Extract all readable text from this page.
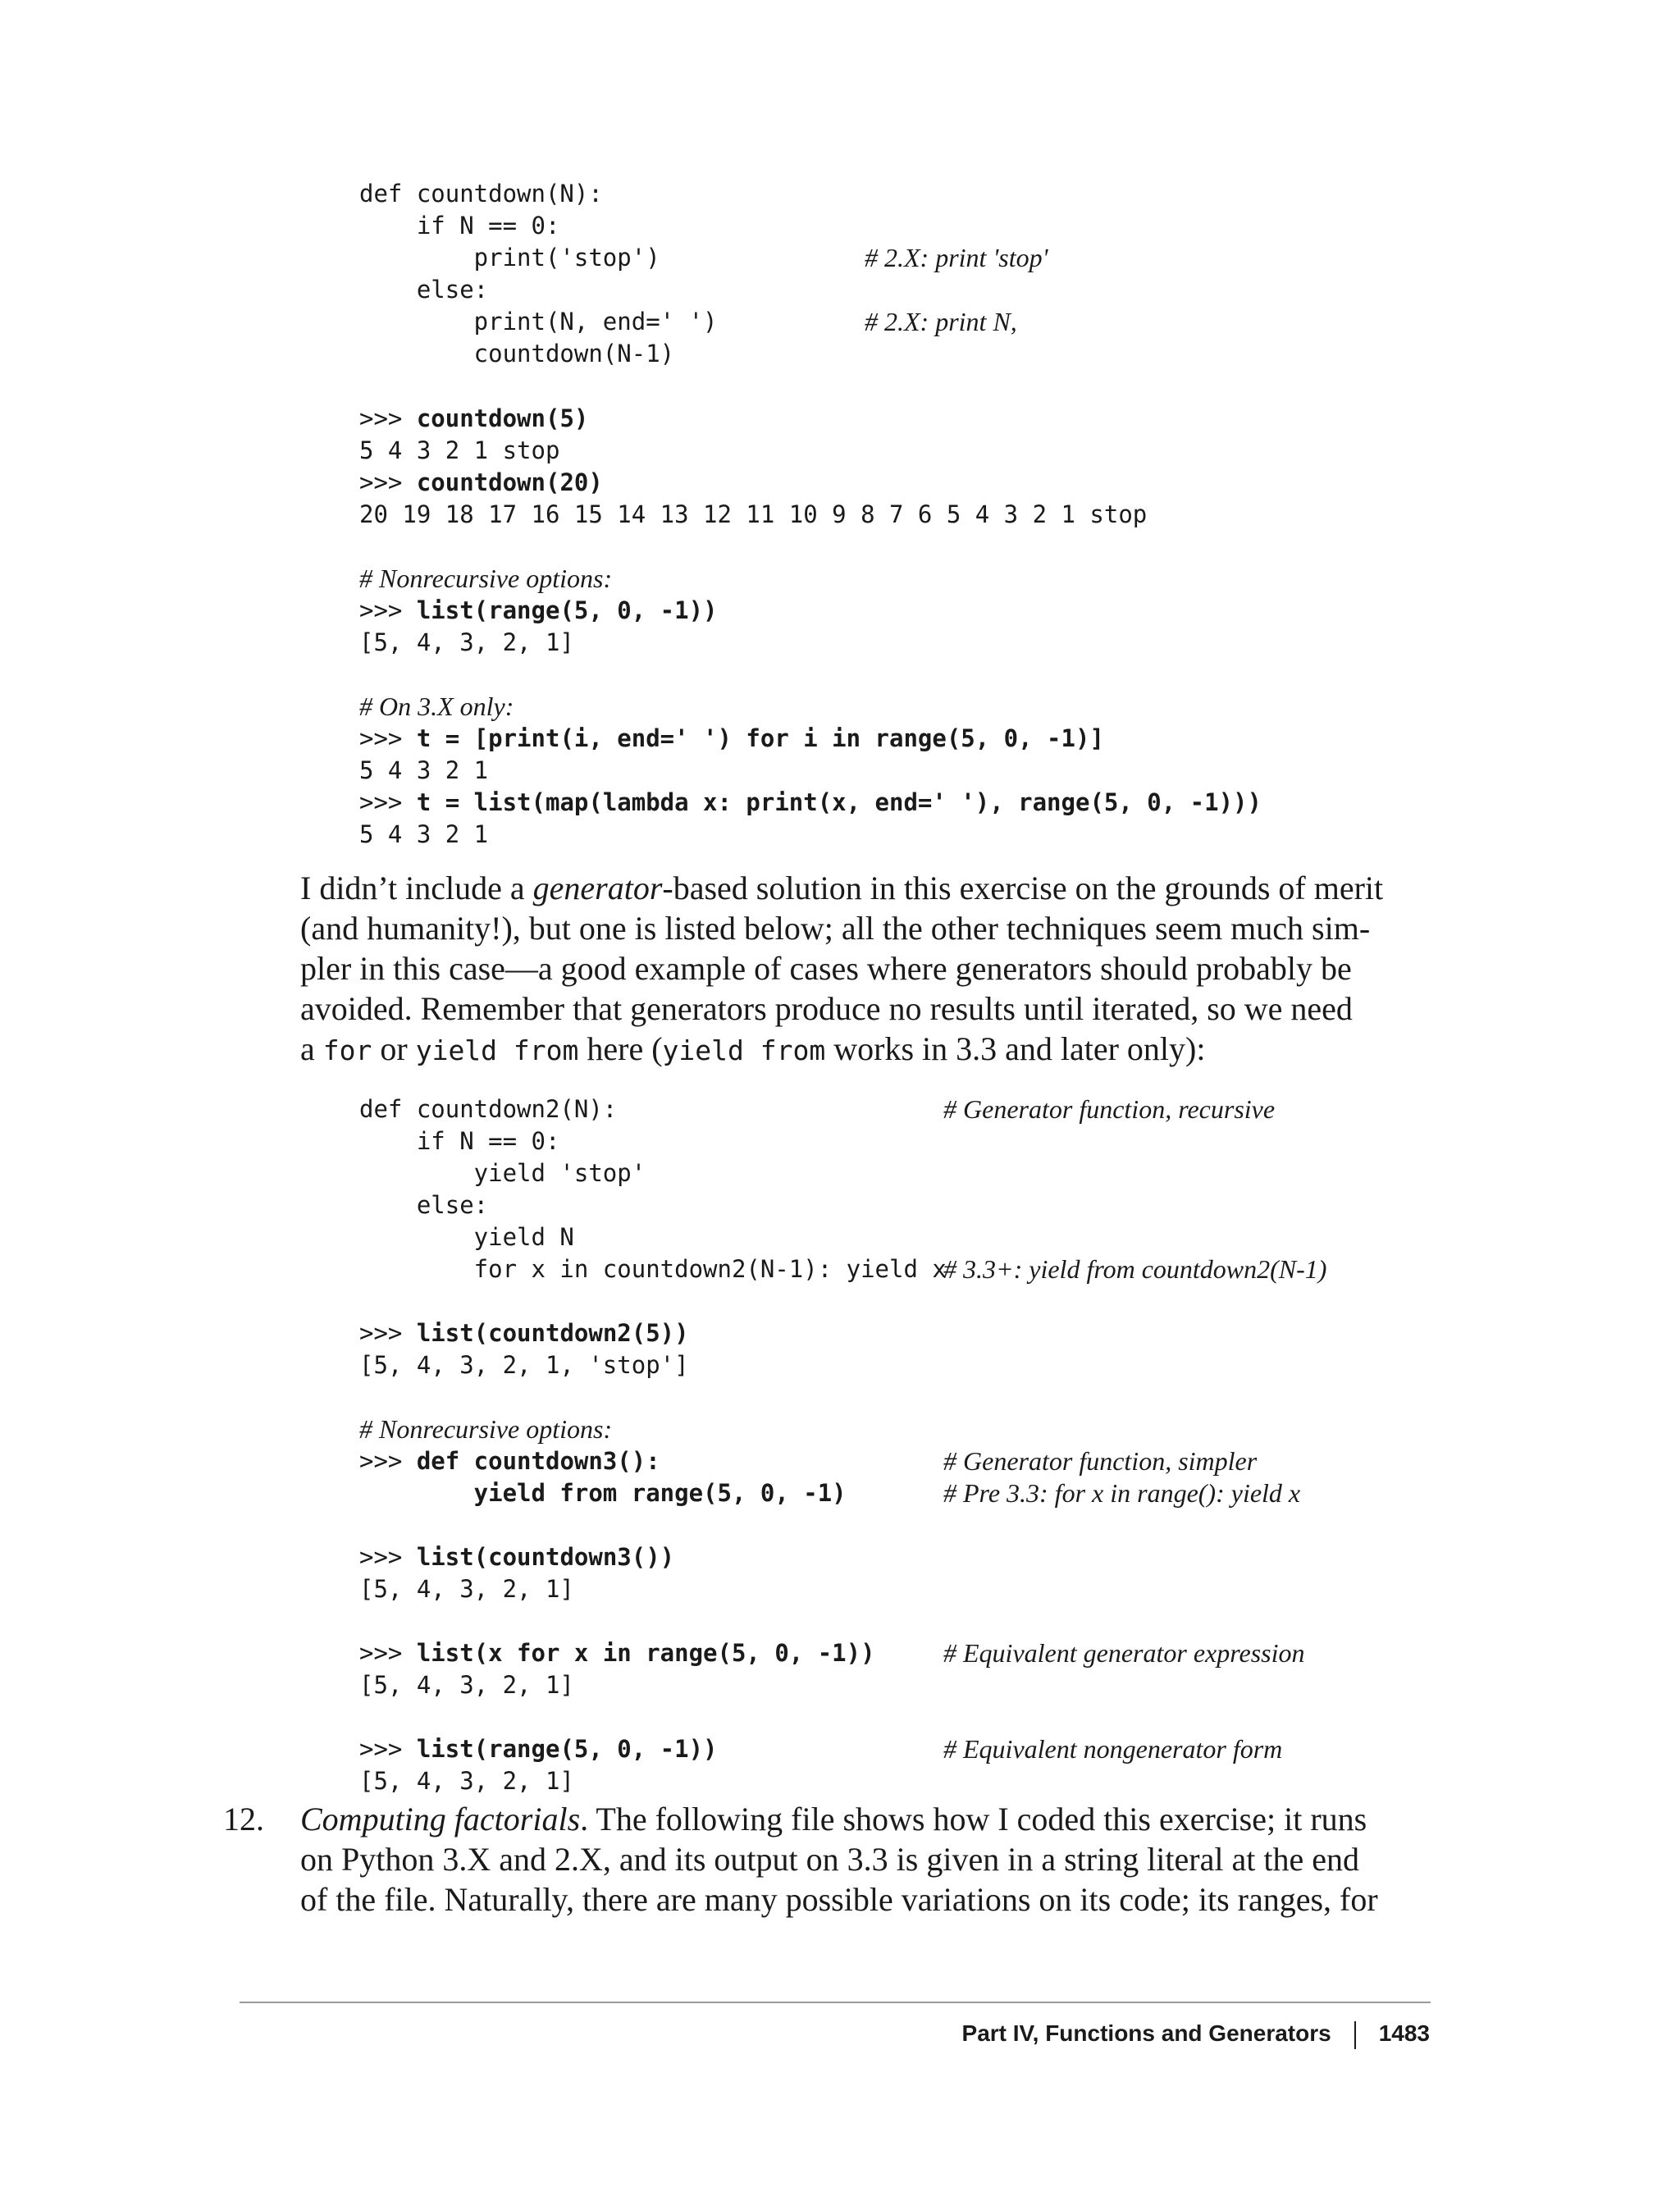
def countdown(N):
if N == 0:
print('stop')	# 2.X: print 'stop'
else:
print(N, end=' ')	# 2.X: print N,
countdown(N-1)
>>> countdown(5)
5 4 3 2 1 stop
>>> countdown(20)
20 19 18 17 16 15 14 13 12 11 10 9 8 7 6 5 4 3 2 1 stop
# Nonrecursive options:
>>> list(range(5, 0, -1))
[5, 4, 3, 2, 1]
# On 3.X only:
>>> t = [print(i, end=' ') for i in range(5, 0, -1)]
5 4 3 2 1
>>> t = list(map(lambda x: print(x, end=' '), range(5, 0, -1)))
5 4 3 2 1
I didn’t include a generator-based solution in this exercise on the grounds of merit
(and humanity!), but one is listed below; all the other techniques seem much sim-
pler in this case—a good example of cases where generators should probably be
avoided. Remember that generators produce no results until iterated, so we need
a for or yield from here (yield from works in 3.3 and later only):
def countdown2(N):	# Generator function, recursive
if N == 0:
yield 'stop'
else:
yield N
for x in countdown2(N-1): yield x
# 3.3+: yield from countdown2(N-1)
>>> list(countdown2(5))
[5, 4, 3, 2, 1, 'stop']
# Nonrecursive options:
>>> def countdown3():	# Generator function, simpler
yield from range(5, 0, -1)	# Pre 3.3: for x in range(): yield x
>>> list(countdown3())
[5, 4, 3, 2, 1]
>>> list(x for x in range(5, 0, -1))	# Equivalent generator expression
[5, 4, 3, 2, 1]
>>> list(range(5, 0, -1))	# Equivalent nongenerator form
[5, 4, 3, 2, 1]
12. Computing factorials. The following file shows how I coded this exercise; it runs
on Python 3.X and 2.X, and its output on 3.3 is given in a string literal at the end
of the file. Naturally, there are many possible variations on its code; its ranges, for
Part IV, Functions and Generators 1483
